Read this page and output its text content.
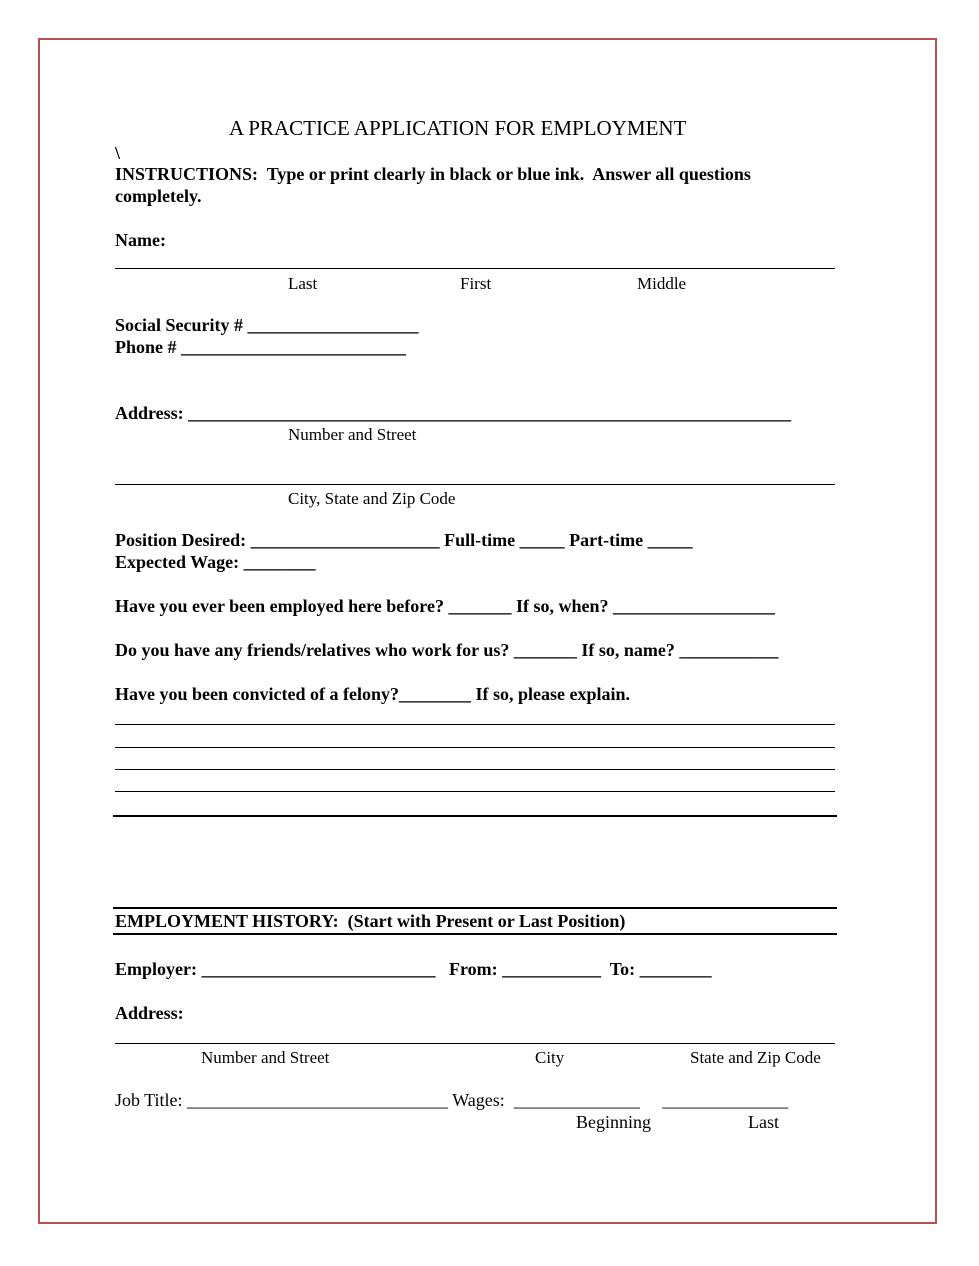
A PRACTICE APPLICATION FOR EMPLOYMENT
\
INSTRUCTIONS:  Type or print clearly in black or blue ink.  Answer all questions
completely.
Name:
Last	First	Middle
Social Security # ___________________
Phone # _________________________
Address: ___________________________________________________________________
Number and Street
City, State and Zip Code
Position Desired: _____________________ Full-time _____ Part-time _____
Expected Wage: ________
Have you ever been employed here before? _______ If so, when? __________________
Do you have any friends/relatives who work for us? _______ If so, name? ___________
Have you been convicted of a felony?________ If so, please explain.
EMPLOYMENT HISTORY:  (Start with Present or Last Position)
Employer: __________________________   From: ___________  To: ________
Address:
Number and Street	City	State and Zip Code
Job Title: _____________________________ Wages:  ______________     ______________
Beginning	Last
